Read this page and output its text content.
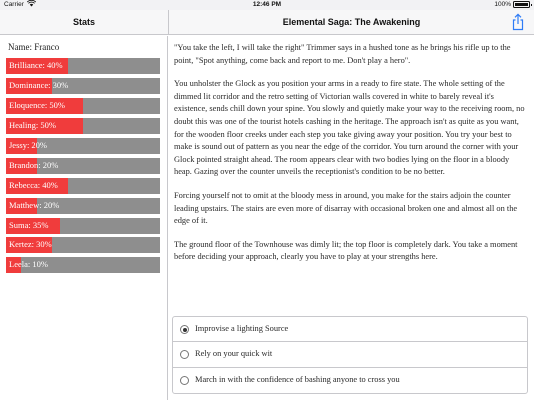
Carrier	12:46 PM	100%
Stats	Elemental Saga: The Awakening
Name: Franco
Brilliance: 40%
Dominance: 30%
Eloquence: 50%
Healing: 50%
Jessy: 20%
Brandon: 20%
Rebecca: 40%
Matthew: 20%
Suma: 35%
Kertez: 30%
Leela: 10%

"You take the left, I will take the right" Trimmer says in a hushed tone as he brings his rifle up to the point, "Spot anything, come back and report to me. Don't play a hero".

You unholster the Glock as you position your arms in a ready to fire state. The whole setting of the dimmed lit corridor and the retro setting of Victorian walls covered in white to barely reveal it's existence, sends chill down your spine. You slowly and quietly make your way to the receiving room, no doubt this was one of the tourist hotels cashing in the heritage. The approach isn't as quite as you want, for the wooden floor creeks under each step you take giving away your position. You try your best to make is sound out of pattern as you near the edge of the corridor. You turn around the corner with your Glock pointed straight ahead. The room appears clear with two bodies lying on the floor in a bloody heap. Gazing over the counter unveils the receptionist's condition to be no better.

Forcing yourself not to omit at the bloody mess in around, you make for the stairs adjoin the counter leading upstairs. The stairs are even more of disarray with occasional broken one and almost all on the edge of it.

The ground floor of the Townhouse was dimly lit; the top floor is completely dark. You take a moment before deciding your approach, clearly you have to play at your strengths here.

Improvise a lighting Source
Rely on your quick wit
March in with the confidence of bashing anyone to cross you
